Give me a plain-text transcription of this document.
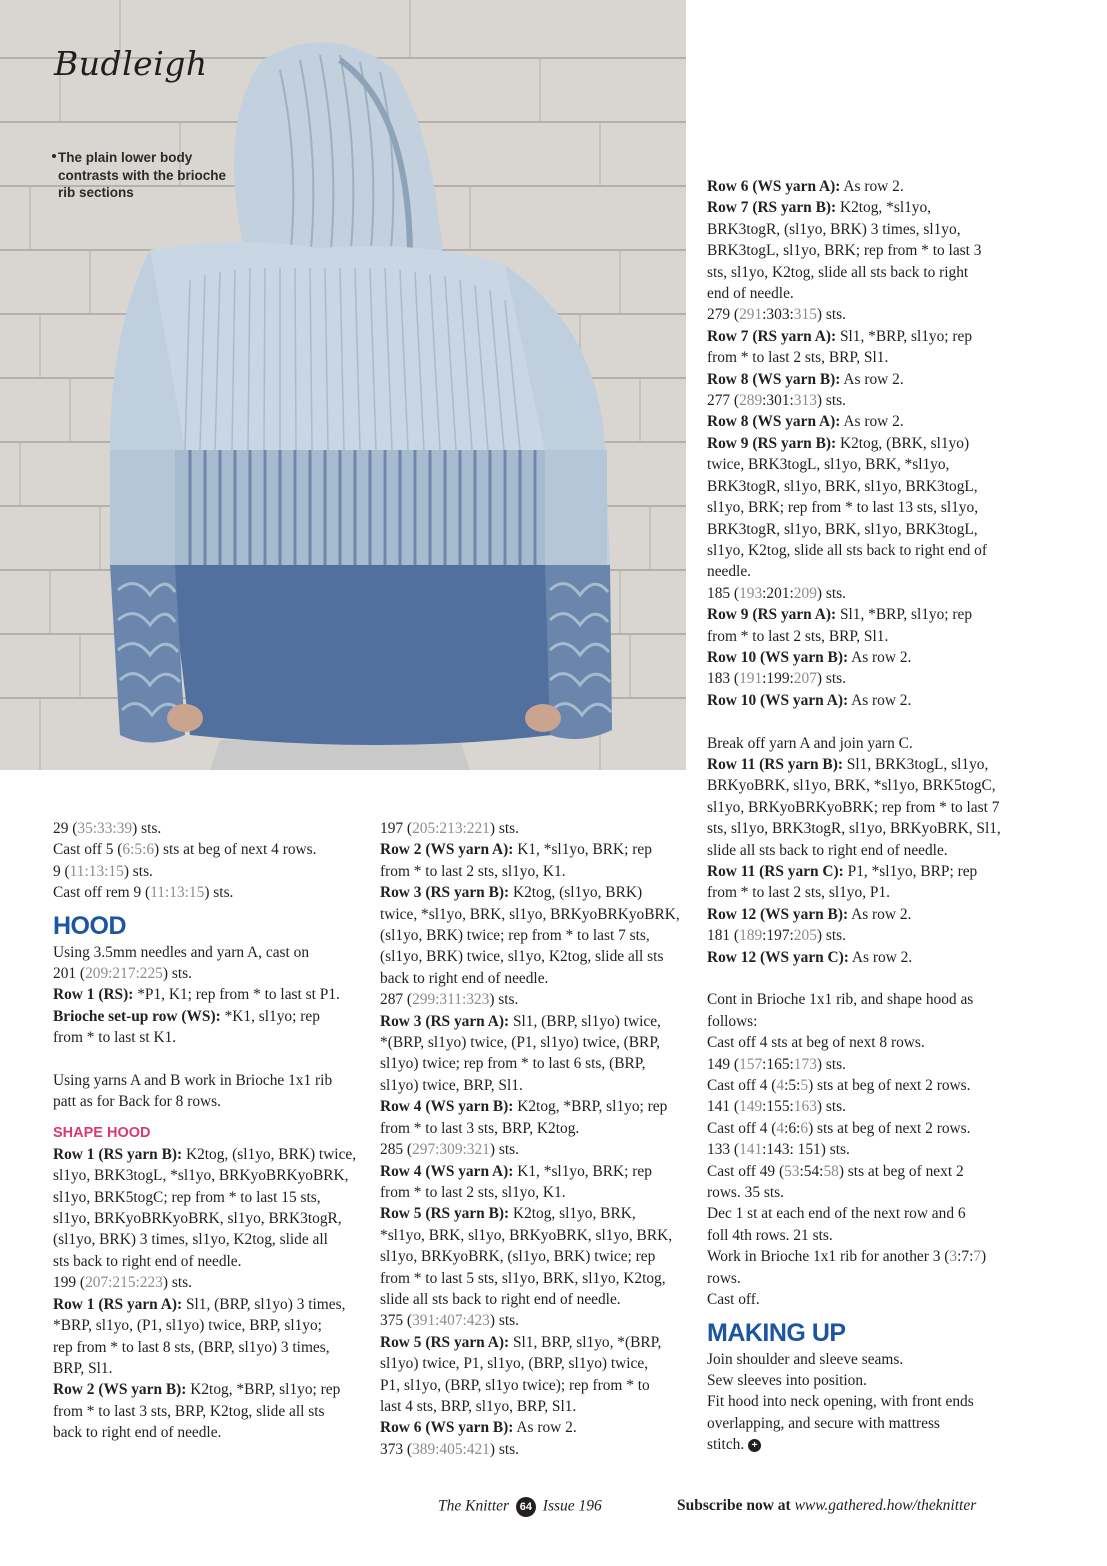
Budleigh
The plain lower body contrasts with the brioche rib sections

29 (35:33:39) sts.

Cast off 5 (6:5:6) sts at beg of next 4 rows.

9 (11:13:15) sts.

Cast off rem 9 (11:13:15) sts.

HOOD

Using 3.5mm needles and yarn A, cast on

201 (209:217:225) sts.

Row 1 (RS): *P1, K1; rep from * to last st P1.

Brioche set-up row (WS): *K1, sl1yo; rep

from * to last st K1.

Using yarns A and B work in Brioche 1x1 rib

patt as for Back for 8 rows.

SHAPE HOOD

Row 1 (RS yarn B): K2tog, (sl1yo, BRK) twice,

sl1yo, BRK3togL, *sl1yo, BRKyoBRKyoBRK,

sl1yo, BRK5togC; rep from * to last 15 sts,

sl1yo, BRKyoBRKyoBRK, sl1yo, BRK3togR,

(sl1yo, BRK) 3 times, sl1yo, K2tog, slide all

sts back to right end of needle.

199 (207:215:223) sts.

Row 1 (RS yarn A): Sl1, (BRP, sl1yo) 3 times,

*BRP, sl1yo, (P1, sl1yo) twice, BRP, sl1yo;

rep from * to last 8 sts, (BRP, sl1yo) 3 times,

BRP, Sl1.

Row 2 (WS yarn B): K2tog, *BRP, sl1yo; rep

from * to last 3 sts, BRP, K2tog, slide all sts

back to right end of needle.

197 (205:213:221) sts.

Row 2 (WS yarn A): K1, *sl1yo, BRK; rep

from * to last 2 sts, sl1yo, K1.

Row 3 (RS yarn B): K2tog, (sl1yo, BRK)

twice, *sl1yo, BRK, sl1yo, BRKyoBRKyoBRK,

(sl1yo, BRK) twice; rep from * to last 7 sts,

(sl1yo, BRK) twice, sl1yo, K2tog, slide all sts

back to right end of needle.

287 (299:311:323) sts.

Row 3 (RS yarn A): Sl1, (BRP, sl1yo) twice,

*(BRP, sl1yo) twice, (P1, sl1yo) twice, (BRP,

sl1yo) twice; rep from * to last 6 sts, (BRP,

sl1yo) twice, BRP, Sl1.

Row 4 (WS yarn B): K2tog, *BRP, sl1yo; rep

from * to last 3 sts, BRP, K2tog.

285 (297:309:321) sts.

Row 4 (WS yarn A): K1, *sl1yo, BRK; rep

from * to last 2 sts, sl1yo, K1.

Row 5 (RS yarn B): K2tog, sl1yo, BRK,

*sl1yo, BRK, sl1yo, BRKyoBRK, sl1yo, BRK,

sl1yo, BRKyoBRK, (sl1yo, BRK) twice; rep

from * to last 5 sts, sl1yo, BRK, sl1yo, K2tog,

slide all sts back to right end of needle.

375 (391:407:423) sts.

Row 5 (RS yarn A): Sl1, BRP, sl1yo, *(BRP,

sl1yo) twice, P1, sl1yo, (BRP, sl1yo) twice,

P1, sl1yo, (BRP, sl1yo twice); rep from * to

last 4 sts, BRP, sl1yo, BRP, Sl1.

Row 6 (WS yarn B): As row 2.

373 (389:405:421) sts.

Row 6 (WS yarn A): As row 2.

Row 7 (RS yarn B): K2tog, *sl1yo,

BRK3togR, (sl1yo, BRK) 3 times, sl1yo,

BRK3togL, sl1yo, BRK; rep from * to last 3

sts, sl1yo, K2tog, slide all sts back to right

end of needle.

279 (291:303:315) sts.

Row 7 (RS yarn A): Sl1, *BRP, sl1yo; rep

from * to last 2 sts, BRP, Sl1.

Row 8 (WS yarn B): As row 2.

277 (289:301:313) sts.

Row 8 (WS yarn A): As row 2.

Row 9 (RS yarn B): K2tog, (BRK, sl1yo)

twice, BRK3togL, sl1yo, BRK, *sl1yo,

BRK3togR, sl1yo, BRK, sl1yo, BRK3togL,

sl1yo, BRK; rep from * to last 13 sts, sl1yo,

BRK3togR, sl1yo, BRK, sl1yo, BRK3togL,

sl1yo, K2tog, slide all sts back to right end of

needle.

185 (193:201:209) sts.

Row 9 (RS yarn A): Sl1, *BRP, sl1yo; rep

from * to last 2 sts, BRP, Sl1.

Row 10 (WS yarn B): As row 2.

183 (191:199:207) sts.

Row 10 (WS yarn A): As row 2.

Break off yarn A and join yarn C.

Row 11 (RS yarn B): Sl1, BRK3togL, sl1yo,

BRKyoBRK, sl1yo, BRK, *sl1yo, BRK5togC,

sl1yo, BRKyoBRKyoBRK; rep from * to last 7

sts, sl1yo, BRK3togR, sl1yo, BRKyoBRK, Sl1,

slide all sts back to right end of needle.

Row 11 (RS yarn C): P1, *sl1yo, BRP; rep

from * to last 2 sts, sl1yo, P1.

Row 12 (WS yarn B): As row 2.

181 (189:197:205) sts.

Row 12 (WS yarn C): As row 2.

Cont in Brioche 1x1 rib, and shape hood as

follows:

Cast off 4 sts at beg of next 8 rows.

149 (157:165:173) sts.

Cast off 4 (4:5:5) sts at beg of next 2 rows.

141 (149:155:163) sts.

Cast off 4 (4:6:6) sts at beg of next 2 rows.

133 (141:143: 151) sts.

Cast off 49 (53:54:58) sts at beg of next 2

rows. 35 sts.

Dec 1 st at each end of the next row and 6

foll 4th rows. 21 sts.

Work in Brioche 1x1 rib for another 3 (3:7:7)

rows.

Cast off.

MAKING UP

Join shoulder and sleeve seams.

Sew sleeves into position.

Fit hood into neck opening, with front ends

overlapping, and secure with mattress

stitch. +

The Knitter 64 Issue 196	Subscribe now at www.gathered.how/theknitter
